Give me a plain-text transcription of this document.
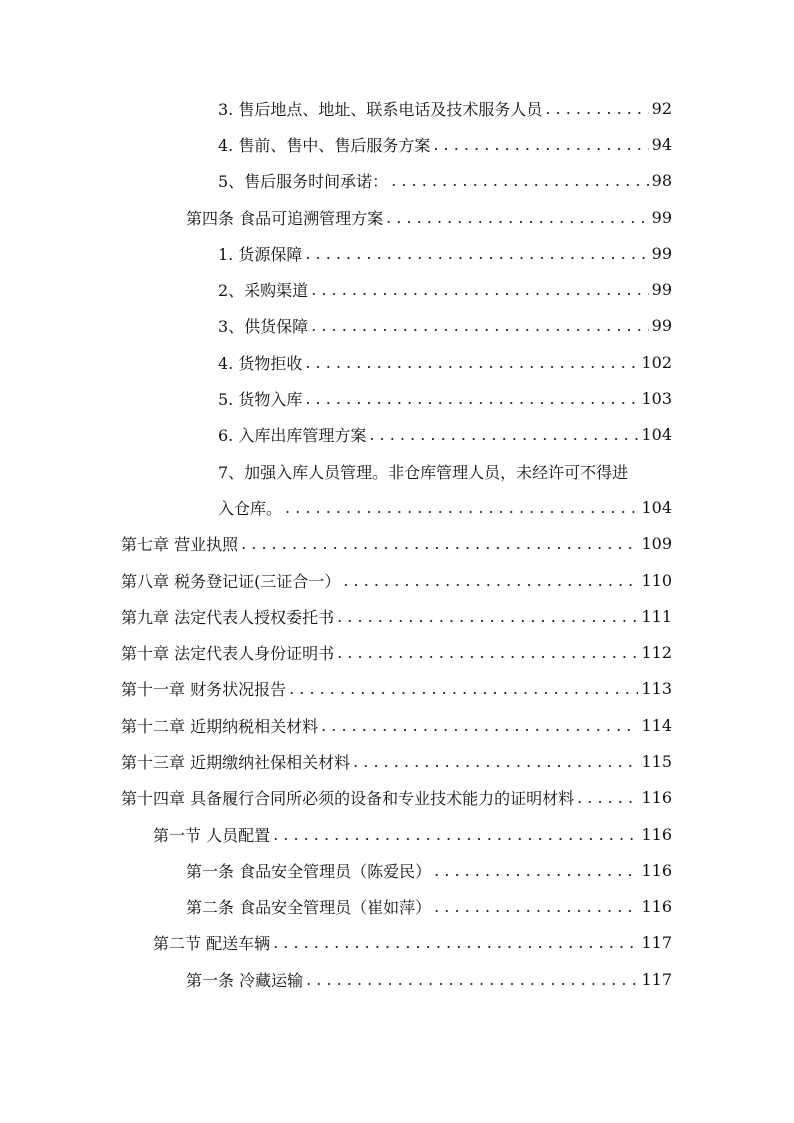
3. 售后地点、地址、联系电话及技术服务人员 . . .	92
4. 售前、售中、售后服务方案 . . .	94
5、售后服务时间承诺： . . .	98
第四条 食品可追溯管理方案 . . .	99
1. 货源保障 . . .	99
2、采购渠道 . . .	99
3、供货保障 . . .	99
4. 货物拒收 . . .	102
5. 货物入库 . . .	103
6. 入库出库管理方案 . . .	104
7、加强入库人员管理。非仓库管理人员，未经许可不得进
入仓库。 . . .	104
第七章 营业执照 . . .	109
第八章 税务登记证(三证合一） . . .	110
第九章 法定代表人授权委托书 . . .	111
第十章 法定代表人身份证明书 . . .	112
第十一章 财务状况报告 . . .	113
第十二章 近期纳税相关材料 . . .	114
第十三章 近期缴纳社保相关材料 . . .	115
第十四章 具备履行合同所必须的设备和专业技术能力的证明材料 . . .	116
第一节 人员配置 . . .	116
第一条 食品安全管理员（陈爱民） . . .	116
第二条 食品安全管理员（崔如萍） . . .	116
第二节 配送车辆 . . .	117
第一条 冷藏运输 . . .	117
